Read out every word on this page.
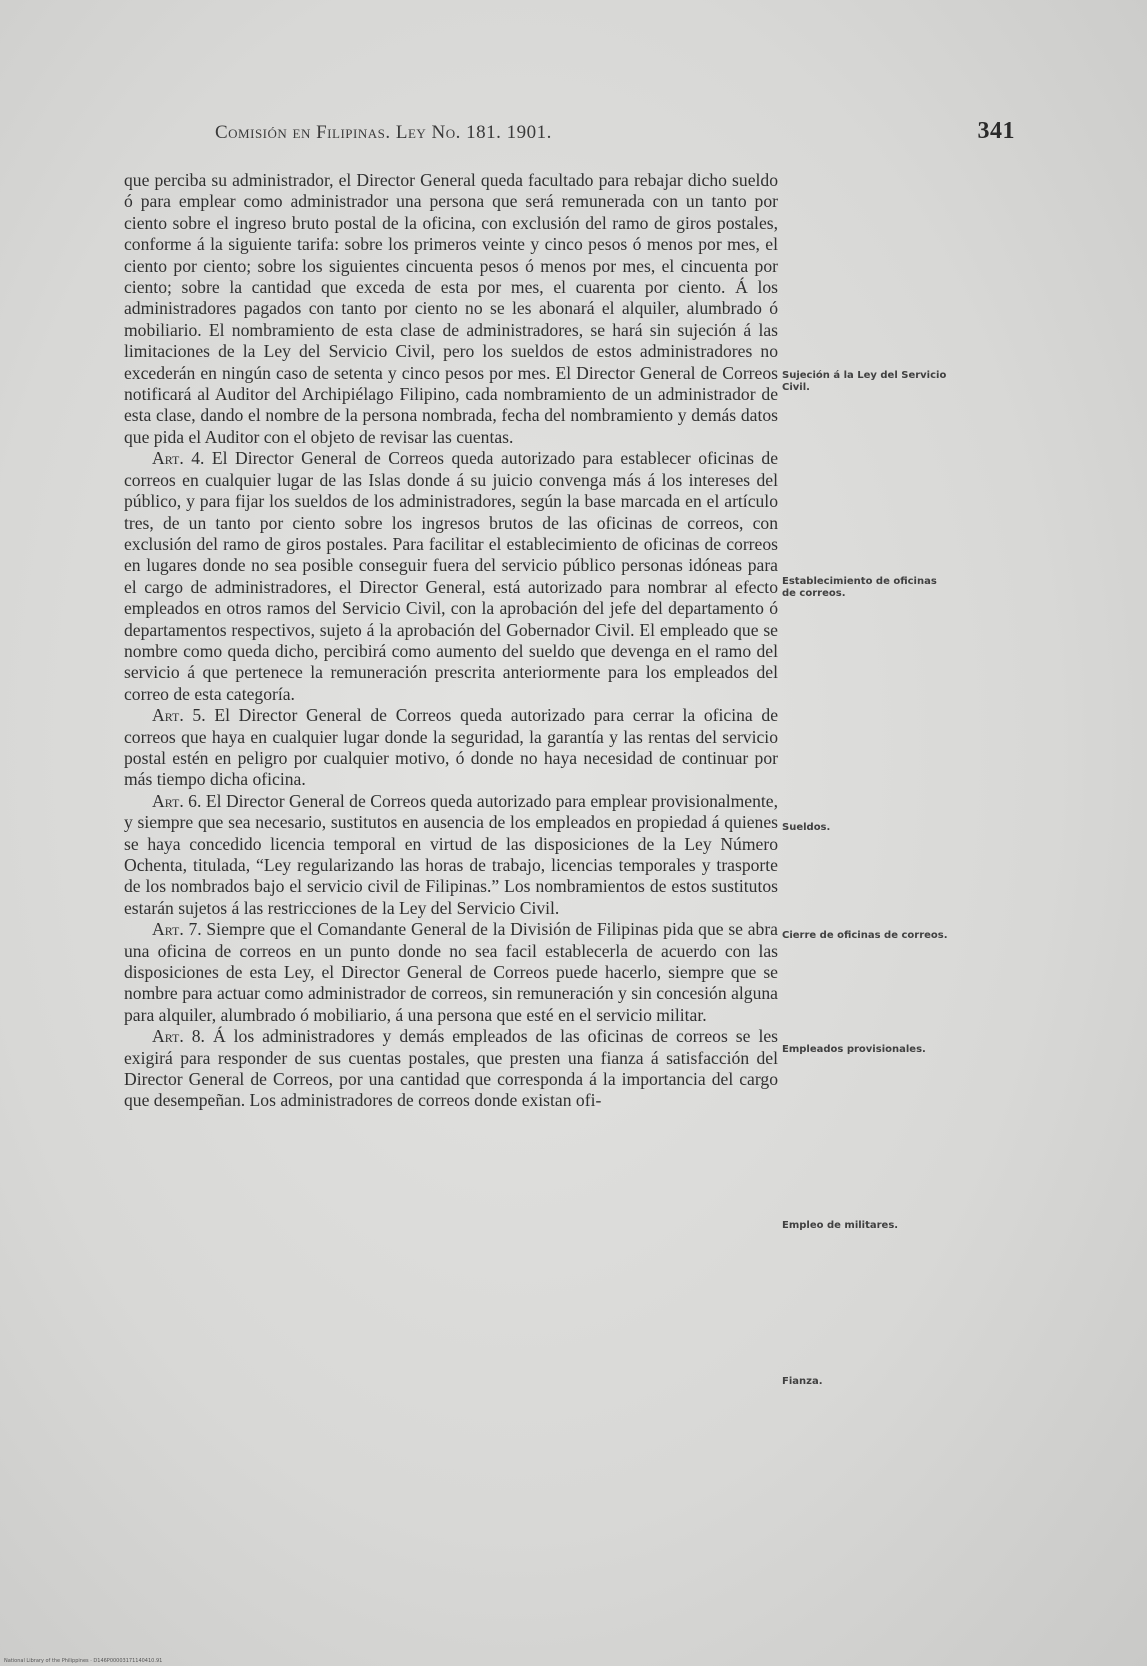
Comisión en Filipinas. Ley No. 181. 1901.	341

que perciba su administrador, el Director General queda facultado para rebajar dicho sueldo ó para emplear como administrador una persona que será remunerada con un tanto por ciento sobre el ingreso bruto postal de la oficina, con exclusión del ramo de giros postales, conforme á la siguiente tarifa: sobre los primeros veinte y cinco pesos ó menos por mes, el ciento por ciento; sobre los siguientes cincuenta pesos ó menos por mes, el cincuenta por ciento; sobre la cantidad que exceda de esta por mes, el cuarenta por ciento. Á los administradores pagados con tanto por ciento no se les abonará el alquiler, alumbrado ó mobiliario. El nombramiento de esta clase de administradores, se hará sin sujeción á las limitaciones de la Ley del Servicio Civil, pero los sueldos de estos administradores no excederán en ningún caso de setenta y cinco pesos por mes. El Director General de Correos notificará al Auditor del Archipiélago Filipino, cada nombramiento de un administrador de esta clase, dando el nombre de la persona nombrada, fecha del nombramiento y demás datos que pida el Auditor con el objeto de revisar las cuentas.

Art. 4. El Director General de Correos queda autorizado para establecer oficinas de correos en cualquier lugar de las Islas donde á su juicio convenga más á los intereses del público, y para fijar los sueldos de los administradores, según la base marcada en el artículo tres, de un tanto por ciento sobre los ingresos brutos de las oficinas de correos, con exclusión del ramo de giros postales. Para facilitar el establecimiento de oficinas de correos en lugares donde no sea posible conseguir fuera del servicio público personas idóneas para el cargo de administradores, el Director General, está autorizado para nombrar al efecto empleados en otros ramos del Servicio Civil, con la aprobación del jefe del departamento ó departamentos respectivos, sujeto á la aprobación del Gobernador Civil. El empleado que se nombre como queda dicho, percibirá como aumento del sueldo que devenga en el ramo del servicio á que pertenece la remuneración prescrita anteriormente para los empleados del correo de esta categoría.

Art. 5. El Director General de Correos queda autorizado para cerrar la oficina de correos que haya en cualquier lugar donde la seguridad, la garantía y las rentas del servicio postal estén en peligro por cualquier motivo, ó donde no haya necesidad de continuar por más tiempo dicha oficina.

Art. 6. El Director General de Correos queda autorizado para emplear provisionalmente, y siempre que sea necesario, sustitutos en ausencia de los empleados en propiedad á quienes se haya concedido licencia temporal en virtud de las disposiciones de la Ley Número Ochenta, titulada, “Ley regularizando las horas de trabajo, licencias temporales y trasporte de los nombrados bajo el servicio civil de Filipinas.” Los nombramientos de estos sustitutos estarán sujetos á las restricciones de la Ley del Servicio Civil.

Art. 7. Siempre que el Comandante General de la División de Filipinas pida que se abra una oficina de correos en un punto donde no sea facil establecerla de acuerdo con las disposiciones de esta Ley, el Director General de Correos puede hacerlo, siempre que se nombre para actuar como administrador de correos, sin remuneración y sin concesión alguna para alquiler, alumbrado ó mobiliario, á una persona que esté en el servicio militar.

Art. 8. Á los administradores y demás empleados de las oficinas de correos se les exigirá para responder de sus cuentas postales, que presten una fianza á satisfacción del Director General de Correos, por una cantidad que corresponda á la importancia del cargo que desempeñan. Los administradores de correos donde existan ofi-

Sujeción á la Ley del Servicio Civil.
Establecimiento de oficinas de correos.
Sueldos.
Cierre de oficinas de correos.
Empleados provisionales.
Empleo de militares.
Fianza.
National Library of the Philippines · D146P00003171140410.91
